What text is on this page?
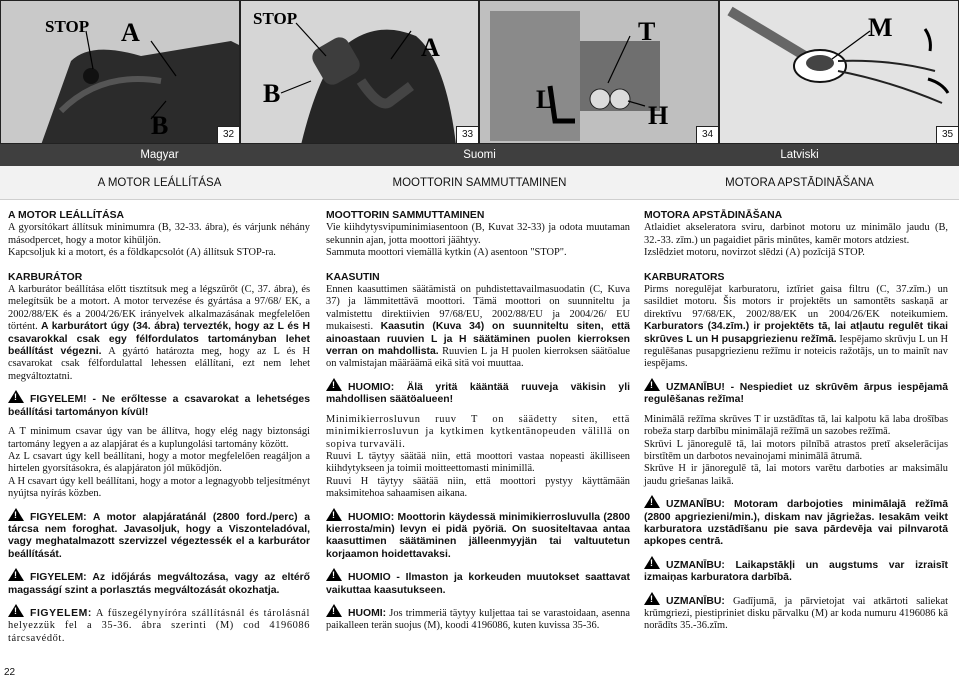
STOP A
B	32
STOP
A
B
33
T
L
H
34
M
35
Magyar	Suomi	Latviski
A MOTOR LEÁLLÍTÁSA	MOOTTORIN SAMMUTTAMINEN	MOTORA APSTĀDINĀŠANA

A MOTOR LEÁLLÍTÁSA

A gyorsítókart állítsuk minimumra (B, 32-33. ábra), és várjunk néhány másodpercet, hogy a motor kihűljön.

Kapcsoljuk ki a motort, és a földkapcsolót (A) állítsuk STOP-ra.

KARBURÁTOR

A karburátor beállítása előtt tisztítsuk meg a légszűrőt (C, 37. ábra), és melegítsük be a motort. A motor tervezése és gyártása a 97/68/ EK, a 2002/88/EK és a 2004/26/EK irányelvek alkalmazásának megfelelően történt. A karburátort úgy (34. ábra) tervezték, hogy az L és H csavarokkal csak egy félfordulatos tartományban lehet beállítást végezni. A gyártó határozta meg, hogy az L és H csavarokat csak félfordulattal lehessen elállítani, ezt nem lehet megváltoztatni.

!FIGYELEM! - Ne erőltesse a csavarokat a lehetséges beállítási tartományon kívül!

A T minimum csavar úgy van be állítva, hogy elég nagy biztonsági tartomány legyen a az alapjárat és a kuplungolási tartomány között.

Az L csavart úgy kell beállítani, hogy a motor megfelelően reagáljon a hirtelen gyorsításokra, és alapjáraton jól működjön.

A H csavart úgy kell beállítani, hogy a motor a legnagyobb teljesítményt nyújtsa nyírás közben.

!FIGYELEM: A motor alapjáratánál (2800 ford./perc) a tárcsa nem foroghat. Javasoljuk, hogy a Viszonteladóval, vagy meghatalmazott szervizzel végeztessék el a karburátor beállítását.

!FIGYELEM: Az időjárás megváltozása, vagy az eltérő magasságí szint a porlasztás megváltozását okozhatja.

!FIGYELEM: A fűszegélynyíróra szállításnál és tárolásnál helyezzük fel a 35-36. ábra szerinti (M) cod 4196086 tárcsavédőt.

MOOTTORIN SAMMUTTAMINEN

Vie kiihdytysvipuminimiasentoon (B, Kuvat 32-33) ja odota muutaman sekunnin ajan, jotta moottori jäähtyy.

Sammuta moottori viemällä kytkin (A) asentoon "STOP".

KAASUTIN

Ennen kaasuttimen säätämistä on puhdistettavailmasuodatin (C, Kuva 37) ja lämmitettävä moottori. Tämä moottori on suunniteltu ja valmistettu direktiivien 97/68/EU, 2002/88/EU ja 2004/26/ EU mukaisesti. Kaasutin (Kuva 34) on suunniteltu siten, että ainoastaan ruuvien L ja H säätäminen puolen kierroksen verran on mahdollista. Ruuvien L ja H puolen kierroksen säätöalue on valmistajan määräämä eikä sitä voi muuttaa.

!HUOMIO: Älä yritä kääntää ruuveja väkisin yli mahdollisen säätöalueen!

Minimikierrosluvun ruuv T on säädetty siten, että minimikierrosluvun ja kytkimen kytkentänopeuden välillä on sopiva turvaväli.

Ruuvi L täytyy säätää niin, että moottori vastaa nopeasti äkilliseen kiihdytykseen ja toimii moitteettomasti minimillä.

Ruuvi H täytyy säätää niin, että moottori pystyy käyttämään maksimitehoa sahaamisen aikana.

!HUOMIO: Moottorin käydessä minimikierrosluvulla (2800 kierrosta/min) levyn ei pidä pyöriä. On suositeltavaa antaa kaasuttimen säätäminen jälleenmyyjän tai valtuutetun korjaamon hoidettavaksi.

!HUOMIO - Ilmaston ja korkeuden muutokset saattavat vaikuttaa kaasutukseen.

!HUOMI: Jos trimmeriä täytyy kuljettaa tai se varastoidaan, asenna paikalleen terän suojus (M), koodi 4196086, kuten kuvissa 35-36.

MOTORA APSTĀDINĀŠANA

Atlaidiet akseleratora sviru, darbinot motoru uz minimālo jaudu (B, 32.-33. zīm.) un pagaidiet pāris minūtes, kamēr motors atdziest.

Izslēdziet motoru, novirzot slēdzi (A) pozīcijā STOP.

KARBURATORS

Pirms noregulējat karburatoru, iztīriet gaisa filtru (C, 37.zīm.) un sasildiet motoru. Šis motors ir projektēts un samontēts saskaņā ar direktīvu 97/68/EK, 2002/88/EK un 2004/26/EK noteikumiem. Karburators (34.zīm.) ir projektēts tā, lai atļautu regulēt tikai skrūves L un H pusapgriezienu režīmā. Iespējamo skrūvju L un H regulēšanas pusapgriezienu režīmu ir noteicis ražotājs, un to mainīt nav iespējams.

!UZMANĪBU! - Nespiediet uz skrūvēm ārpus iespējamā regulēšanas režīma!

Minimālā režīma skrūves T ir uzstādītas tā, lai kalpotu kā laba drošības robeža starp darbību minimālajā režīmā un sazobes režīmā.

Skrūvi L jānoregulē tā, lai motors pilnībā atrastos pretī akselerācijas birstītēm un darbotos nevainojami minimālā ātrumā.

Skrūve H ir jānoregulē tā, lai motors varētu darboties ar maksimālu jaudu griešanas laikā.

!UZMANĪBU: Motoram darbojoties minimālajā režīmā (2800 apgriezieni/min.), diskam nav jāgriežas. Iesakām veikt karburatora uzstādīšanu pie sava pārdevēja vai pilnvarotā apkopes centrā.

!UZMANĪBU: Laikapstākļi un augstums var izraisīt izmaiņas karburatora darbībā.

!UZMANĪBU: Gadījumā, ja pārvietojat vai atkārtoti saliekat krūmgriezi, piestipriniet disku pārvalku (M) ar koda numuru 4196086 kā norādīts 35.-36.zīm.

22
